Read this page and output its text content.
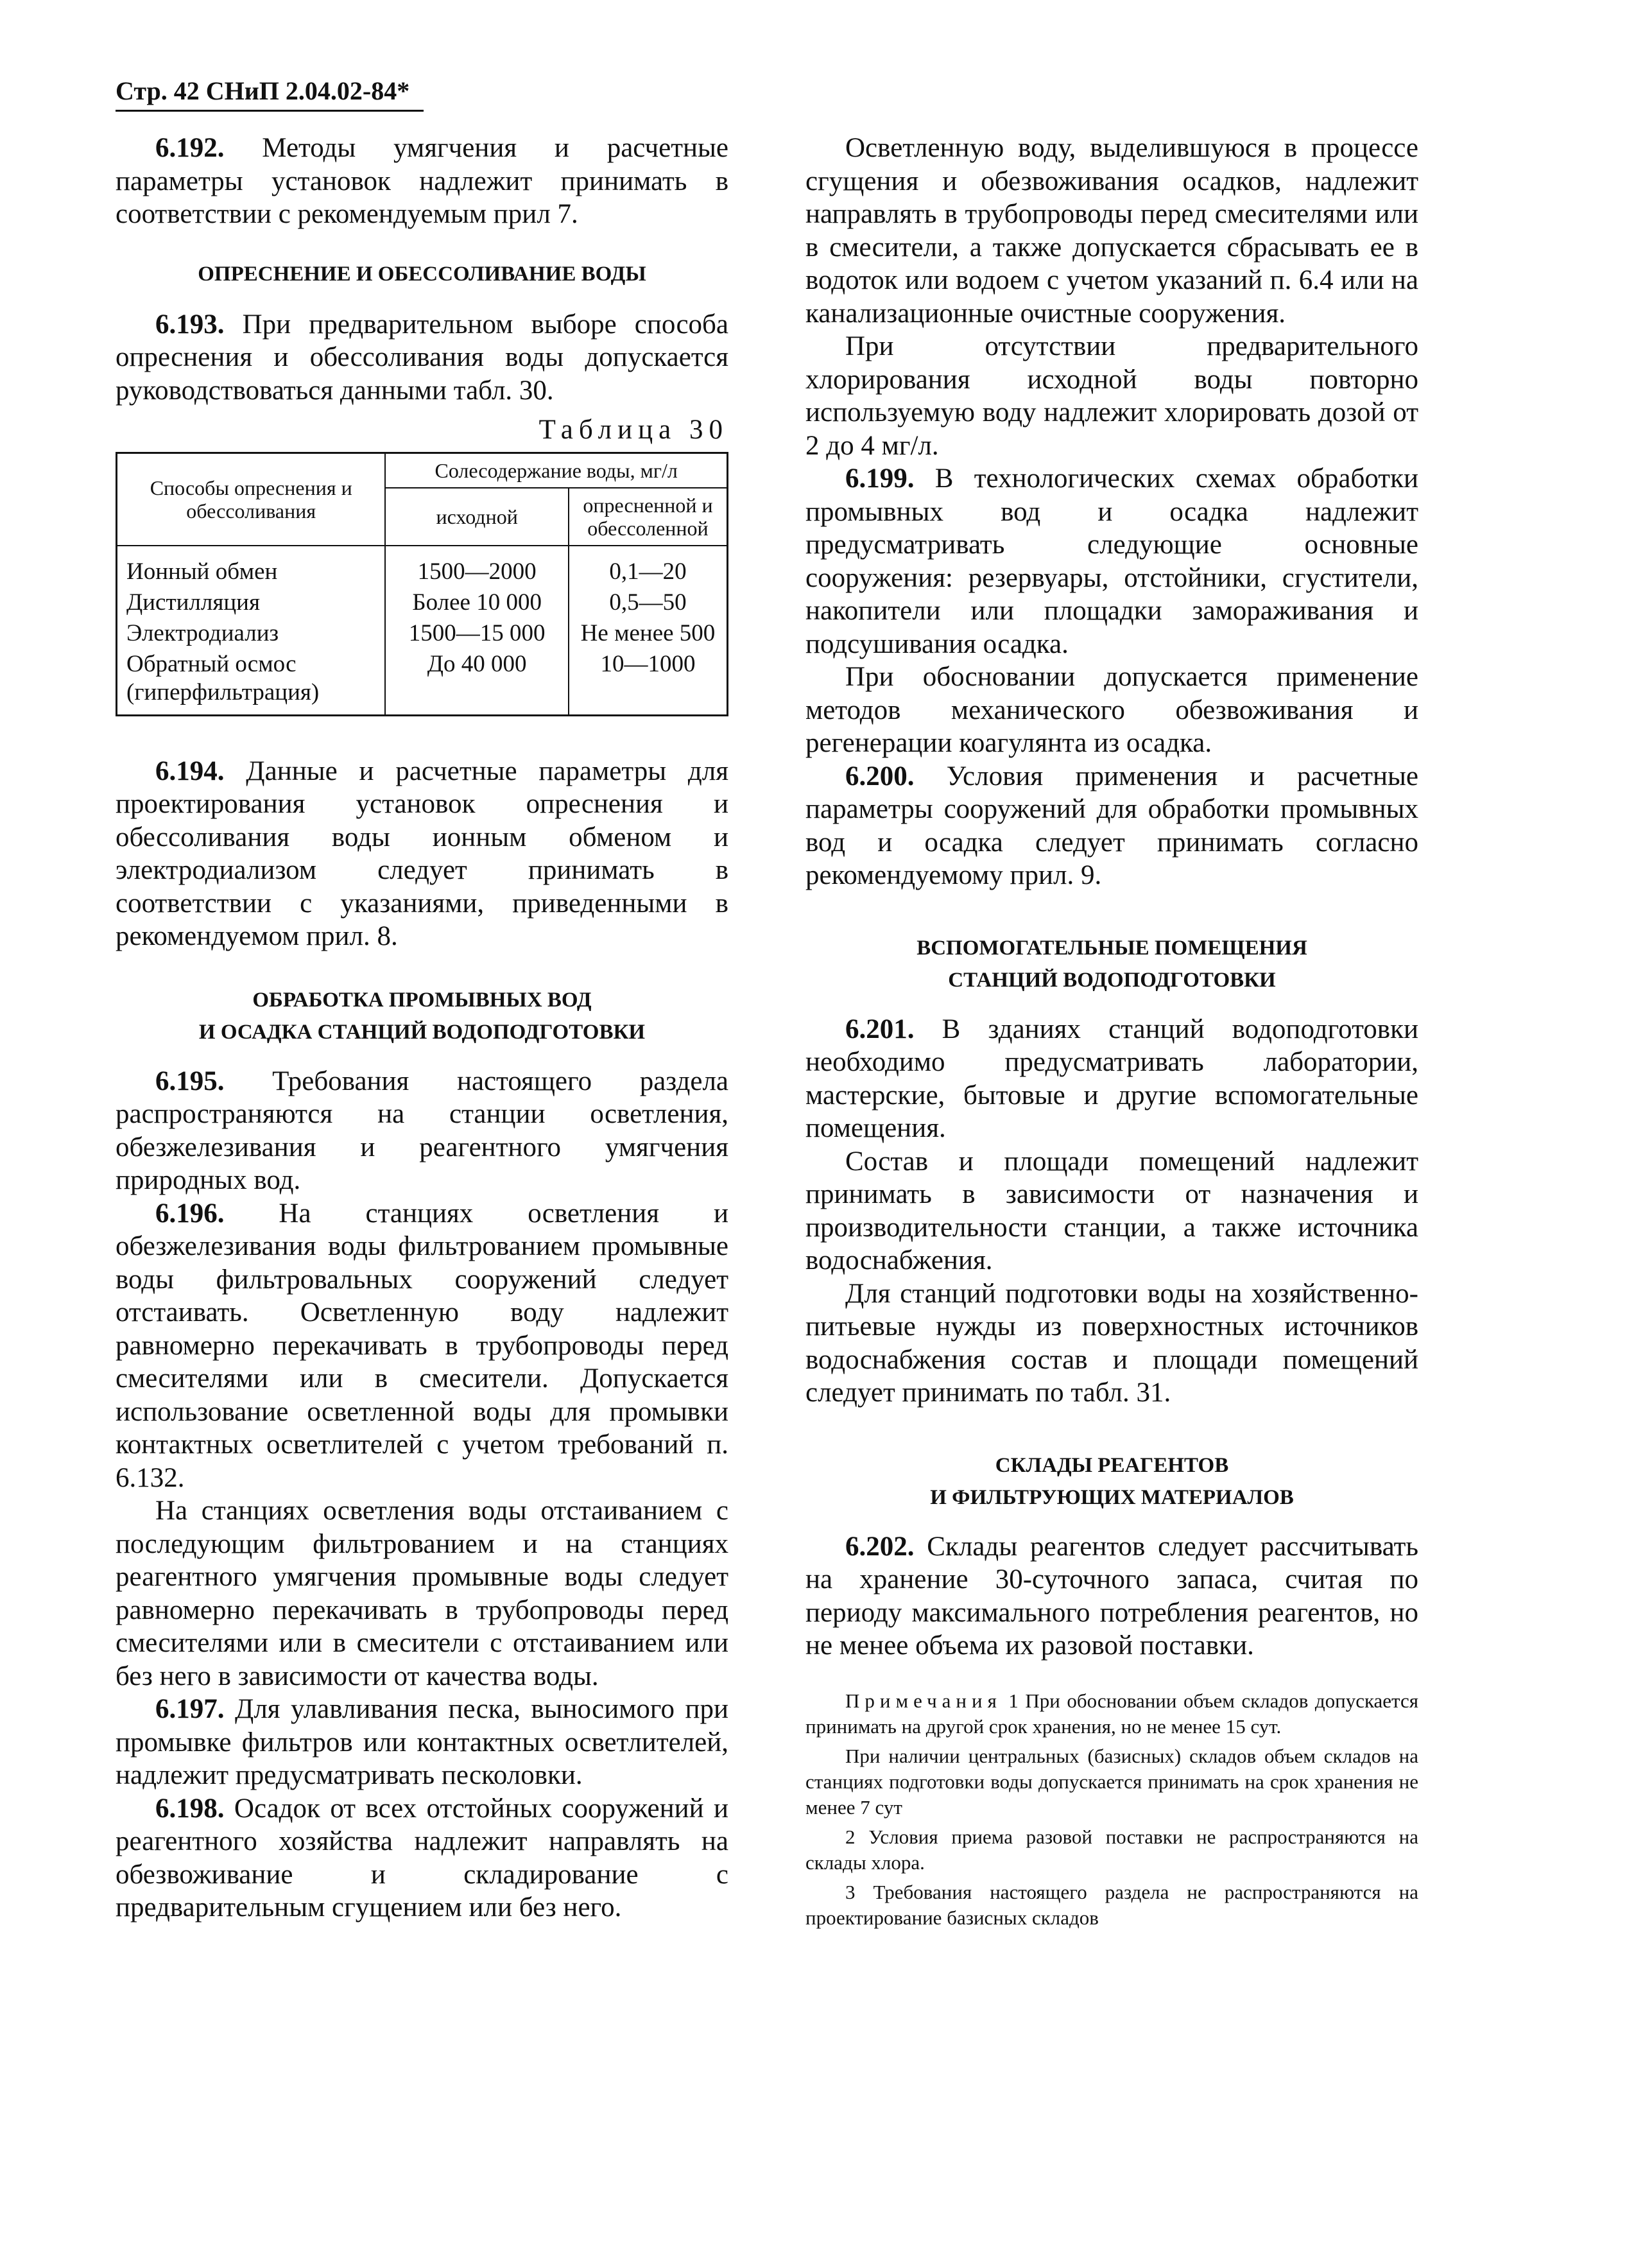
Стр. 42 СНиП 2.04.02-84*

6.192. Методы умягчения и расчетные параметры установок надлежит принимать в соответствии с рекомендуемым прил 7.

ОПРЕСНЕНИЕ И ОБЕССОЛИВАНИЕ ВОДЫ

6.193. При предварительном выборе способа опреснения и обессоливания воды допускается руководствоваться данными табл. 30.

Таблица 30
Способы опреснения и обессоливания	Солесодержание воды, мг/л	
	исходной	опресненной и обессоленной
Ионный обмен	1500—2000	0,1—20
Дистилляция	Более 10 000	0,5—50
Электродиализ	1500—15 000	Не менее 500
Обратный осмос (гиперфильтрация)	До 40 000	10—1000

6.194. Данные и расчетные параметры для проектирования установок опреснения и обессоливания воды ионным обменом и электродиализом следует принимать в соответствии с указаниями, приведенными в рекомендуемом прил. 8.

ОБРАБОТКА ПРОМЫВНЫХ ВОД
И ОСАДКА СТАНЦИЙ ВОДОПОДГОТОВКИ

6.195. Требования настоящего раздела распространяются на станции осветления, обезжелезивания и реагентного умягчения природных вод.

6.196. На станциях осветления и обезжелезивания воды фильтрованием промывные воды фильтровальных сооружений следует отстаивать. Осветленную воду надлежит равномерно перекачивать в трубопроводы перед смесителями или в смесители. Допускается использование осветленной воды для промывки контактных осветлителей с учетом требований п. 6.132.

На станциях осветления воды отстаиванием с последующим фильтрованием и на станциях реагентного умягчения промывные воды следует равномерно перекачивать в трубопроводы перед смесителями или в смесители с отстаиванием или без него в зависимости от качества воды.

6.197. Для улавливания песка, выносимого при промывке фильтров или контактных осветлителей, надлежит предусматривать песколовки.

6.198. Осадок от всех отстойных сооружений и реагентного хозяйства надлежит направлять на обезвоживание и складирование с предварительным сгущением или без него.

Осветленную воду, выделившуюся в процессе сгущения и обезвоживания осадков, надлежит направлять в трубопроводы перед смесителями или в смесители, а также допускается сбрасывать ее в водоток или водоем с учетом указаний п. 6.4 или на канализационные очистные сооружения.

При отсутствии предварительного хлорирования исходной воды повторно используемую воду надлежит хлорировать дозой от 2 до 4 мг/л.

6.199. В технологических схемах обработки промывных вод и осадка надлежит предусматривать следующие основные сооружения: резервуары, отстойники, сгустители, накопители или площадки замораживания и подсушивания осадка.

При обосновании допускается применение методов механического обезвоживания и регенерации коагулянта из осадка.

6.200. Условия применения и расчетные параметры сооружений для обработки промывных вод и осадка следует принимать согласно рекомендуемому прил. 9.

ВСПОМОГАТЕЛЬНЫЕ ПОМЕЩЕНИЯ
СТАНЦИЙ ВОДОПОДГОТОВКИ

6.201. В зданиях станций водоподготовки необходимо предусматривать лаборатории, мастерские, бытовые и другие вспомогательные помещения.

Состав и площади помещений надлежит принимать в зависимости от назначения и производительности станции, а также источника водоснабжения.

Для станций подготовки воды на хозяйственно-питьевые нужды из поверхностных источников водоснабжения состав и площади помещений следует принимать по табл. 31.

СКЛАДЫ РЕАГЕНТОВ
И ФИЛЬТРУЮЩИХ МАТЕРИАЛОВ

6.202. Склады реагентов следует рассчитывать на хранение 30-суточного запаса, считая по периоду максимального потребления реагентов, но не менее объема их разовой поставки.

Примечания 1 При обосновании объем складов допускается принимать на другой срок хранения, но не менее 15 сут.

При наличии центральных (базисных) складов объем складов на станциях подготовки воды допускается принимать на срок хранения не менее 7 сут

2 Условия приема разовой поставки не распространяются на склады хлора.

3 Требования настоящего раздела не распространяются на проектирование базисных складов
